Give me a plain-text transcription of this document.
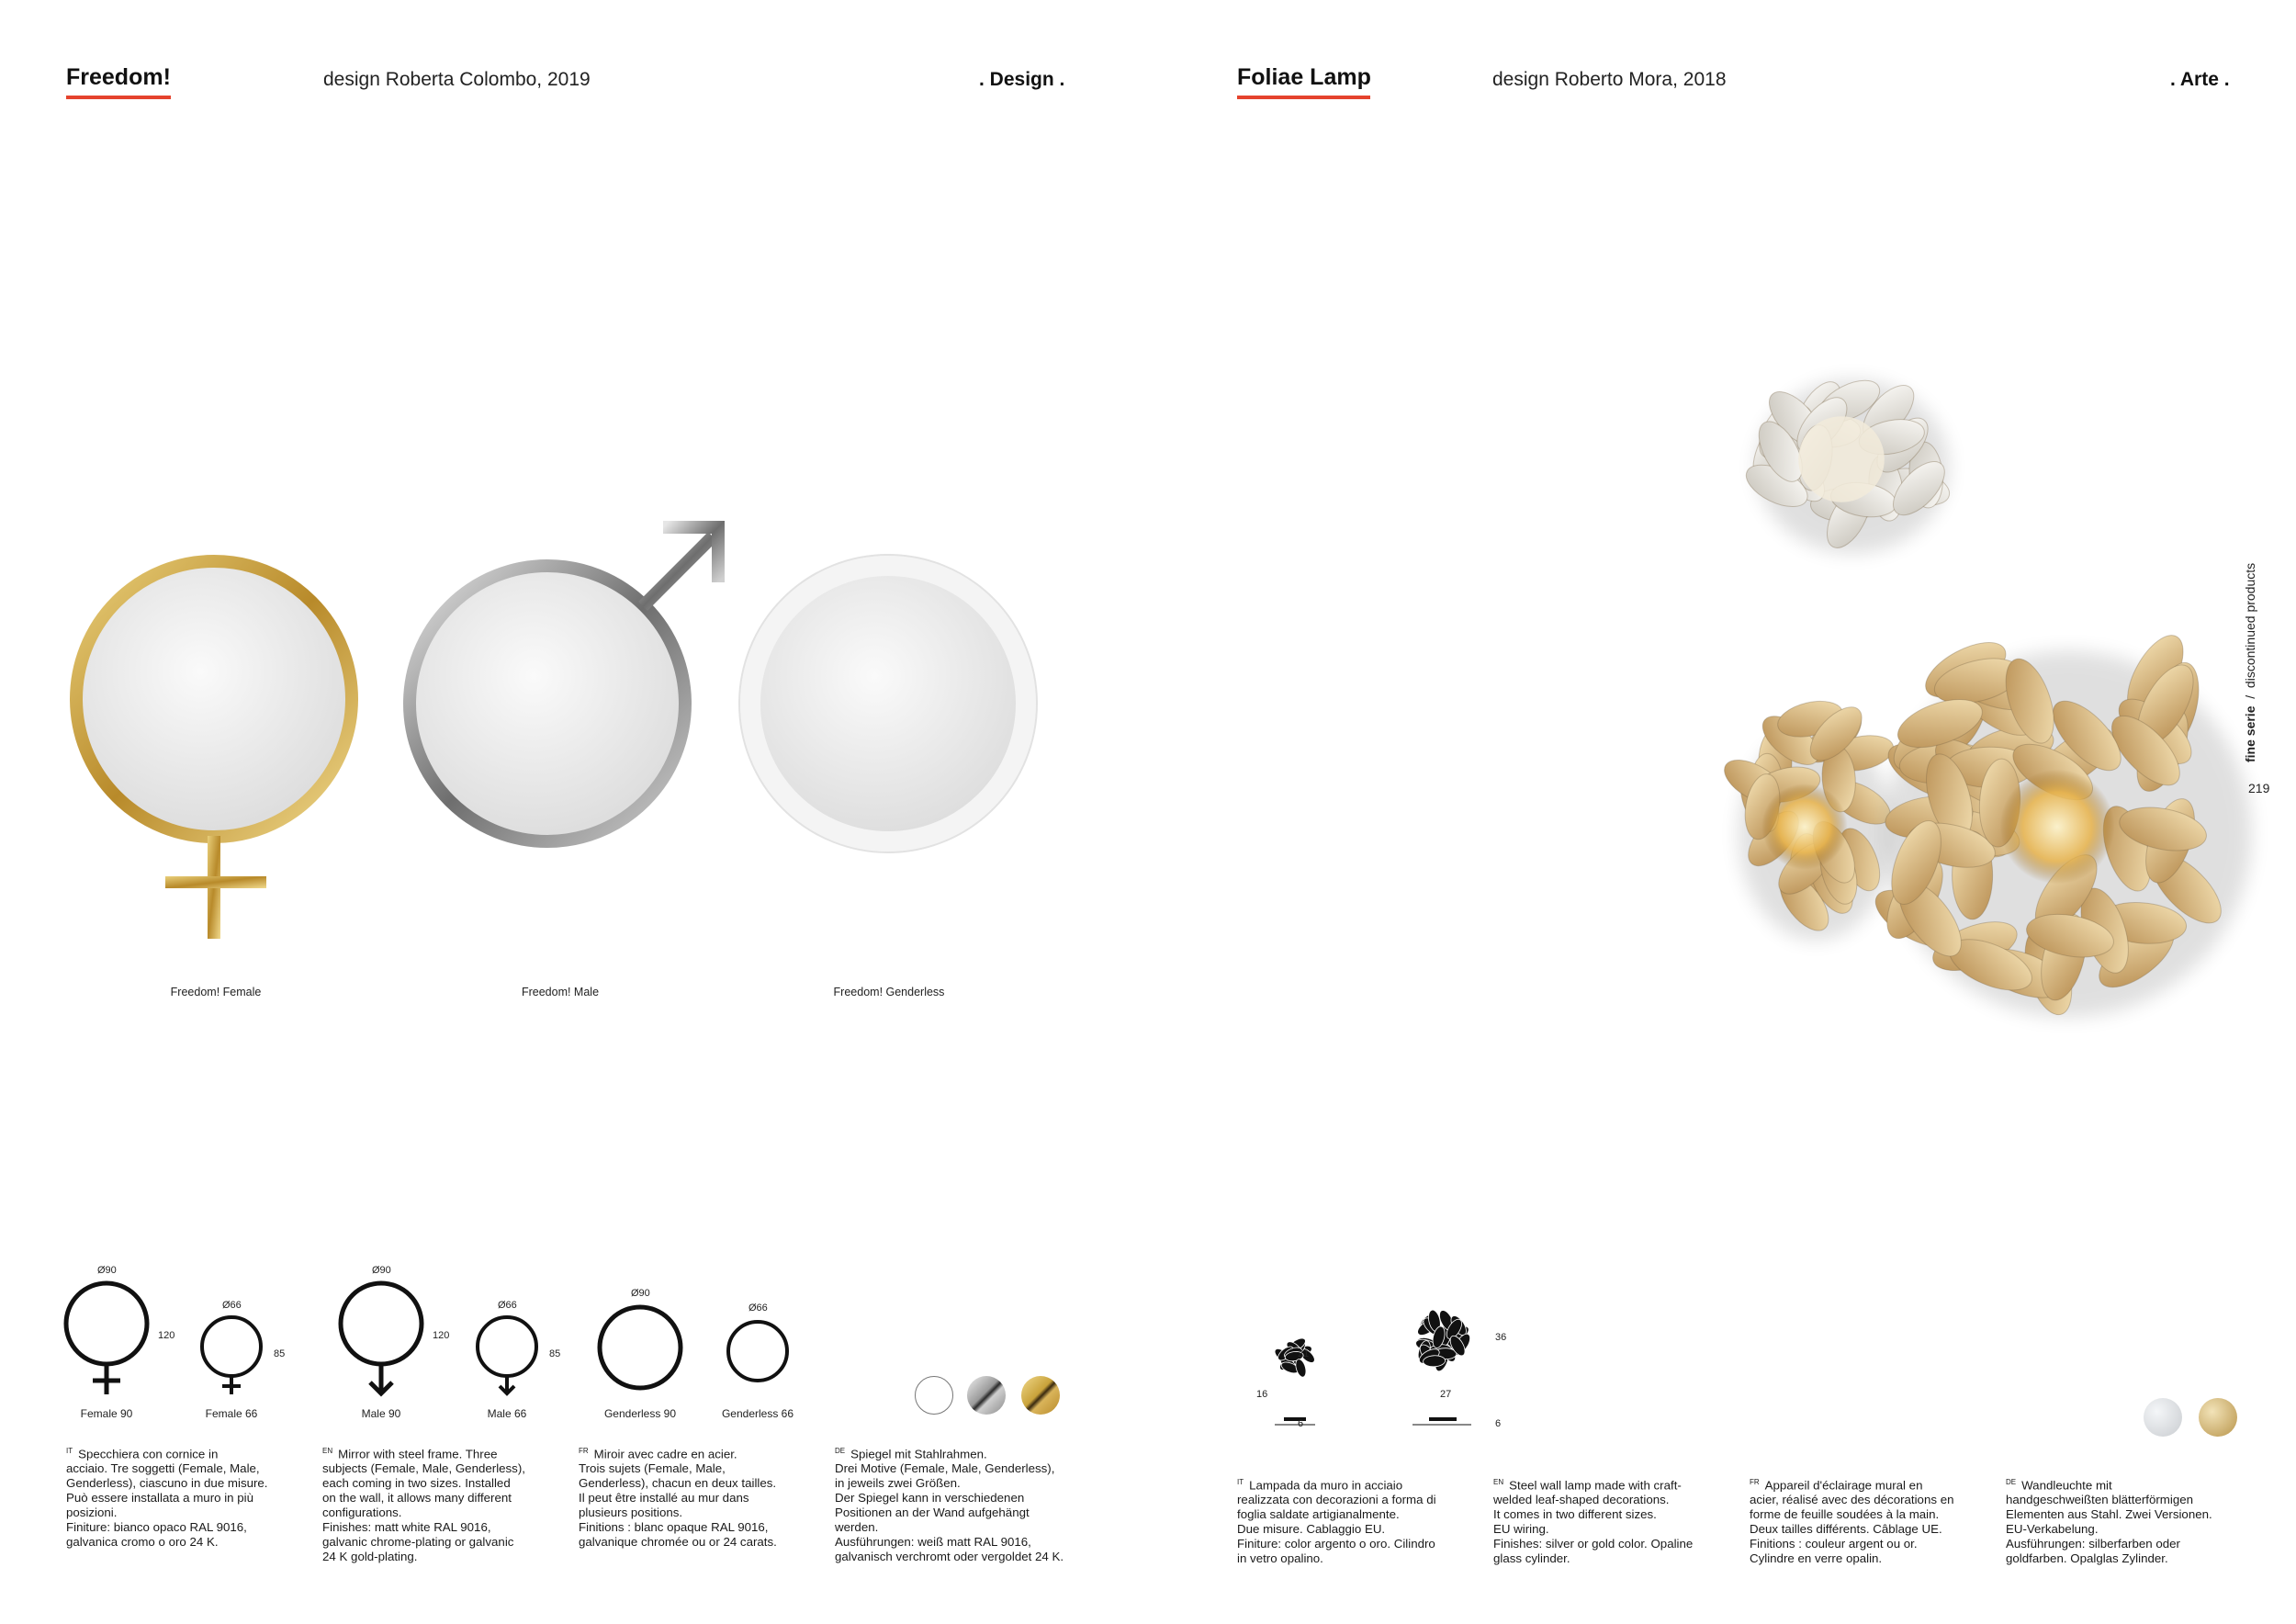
Freedom!	design Roberta Colombo, 2019	. Design .
Freedom! Female	Freedom! Male	Freedom! Genderless
Ø90
120
Ø66
85
Ø90
120
Ø66
85
Ø90
Ø66
Female 90	Female 66	Male 90	Male 66	Genderless 90	Genderless 66
$^{IT}$ Specchiera con cornice in
acciaio. Tre soggetti (Female, Male,
Genderless), ciascuno in due misure.
Può essere installata a muro in più
posizioni.
Finiture: bianco opaco RAL 9016,
galvanica cromo o oro 24 K.

$^{EN}$ Mirror with steel frame. Three
subjects (Female, Male, Genderless),
each coming in two sizes. Installed
on the wall, it allows many different
configurations.
Finishes: matt white RAL 9016,
galvanic chrome-plating or galvanic
24 K gold-plating.

$^{FR}$ Miroir avec cadre en acier.
Trois sujets (Female, Male,
Genderless), chacun en deux tailles.
Il peut être installé au mur dans
plusieurs positions.
Finitions : blanc opaque RAL 9016,
galvanique chromée ou or 24 carats.

$^{DE}$ Spiegel mit Stahlrahmen.
Drei Motive (Female, Male, Genderless),
in jeweils zwei Größen.
Der Spiegel kann in verschiedenen
Positionen an der Wand aufgehängt
werden.
Ausführungen: weiß matt RAL 9016,
galvanisch verchromt oder vergoldet 24 K.

Foliae Lamp	design Roberto Mora, 2018	. Arte .
21
16
6
36
27
6
$^{IT}$ Lampada da muro in acciaio
realizzata con decorazioni a forma di
foglia saldate artigianalmente.
Due misure. Cablaggio EU.
Finiture: color argento o oro. Cilindro
in vetro opalino.

$^{EN}$ Steel wall lamp made with craft-
welded leaf-shaped decorations.
It comes in two different sizes.
EU wiring.
Finishes: silver or gold color. Opaline
glass cylinder.

$^{FR}$ Appareil d'éclairage mural en
acier, réalisé avec des décorations en
forme de feuille soudées à la main.
Deux tailles différents. Câblage UE.
Finitions : couleur argent ou or.
Cylindre en verre opalin.

$^{DE}$ Wandleuchte mit
handgeschweißten blätterförmigen
Elementen aus Stahl. Zwei Versionen.
EU-Verkabelung.
Ausführungen: silberfarben oder
goldfarben. Opalglas Zylinder.

fine serie  /  discontinued products
219
